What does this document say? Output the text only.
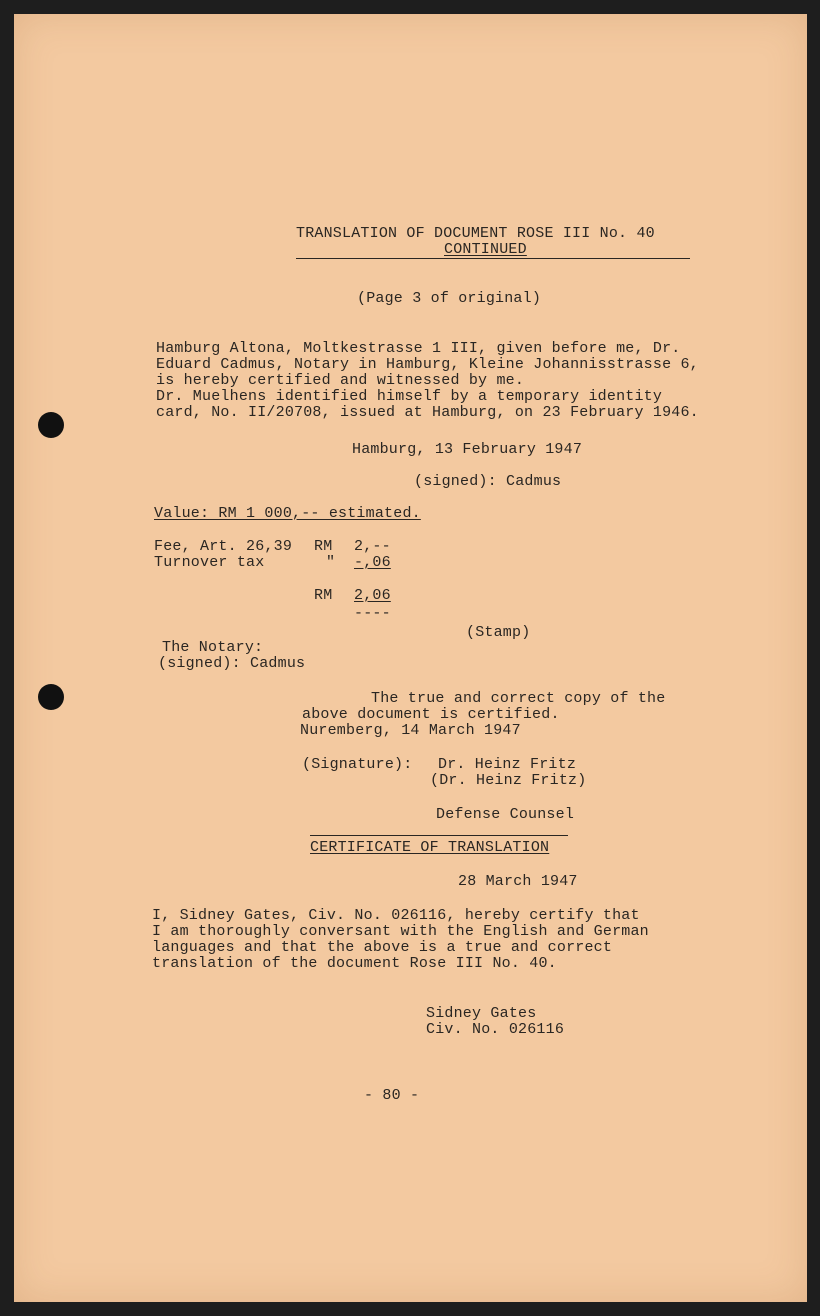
TRANSLATION OF DOCUMENT ROSE III No. 40
CONTINUED
(Page 3 of original)
Hamburg Altona, Moltkestrasse 1 III, given before me, Dr.
Eduard Cadmus, Notary in Hamburg, Kleine Johannisstrasse 6,
is hereby certified and witnessed by me.
Dr. Muelhens identified himself by a temporary identity
card, No. II/20708, issued at Hamburg, on 23 February 1946.
Hamburg, 13 February 1947
(signed): Cadmus
Value: RM 1 000,-- estimated.
Fee, Art. 26,39 RM 2,--
Turnover tax	" -,06
RM 2,06
----
(Stamp)
The Notary:
(signed): Cadmus
The true and correct copy of the
above document is certified.
Nuremberg, 14 March 1947
(Signature): Dr. Heinz Fritz
(Dr. Heinz Fritz)
Defense Counsel
CERTIFICATE OF TRANSLATION
28 March 1947
I, Sidney Gates, Civ. No. 026116, hereby certify that
I am thoroughly conversant with the English and German
languages and that the above is a true and correct
translation of the document Rose III No. 40.
Sidney Gates
Civ. No. 026116
- 80 -
